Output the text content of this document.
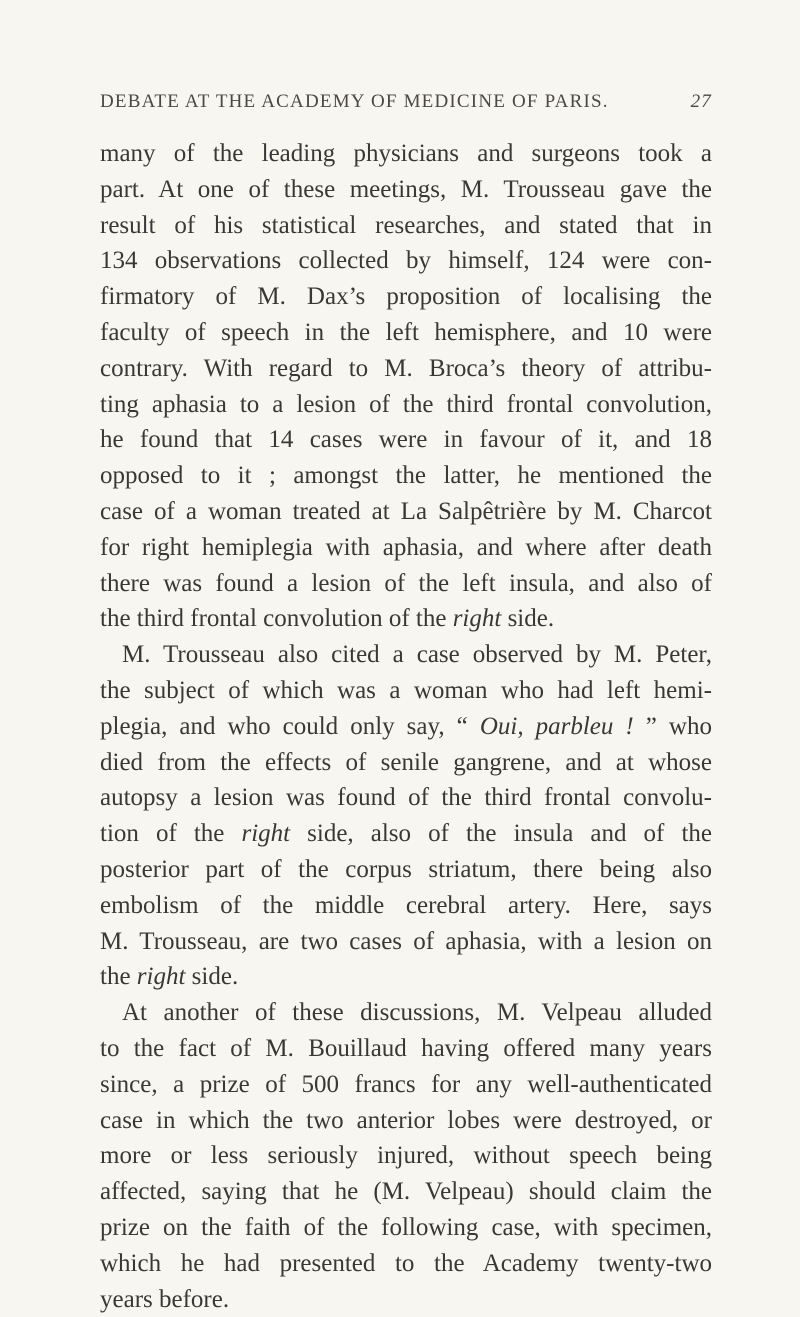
DEBATE AT THE ACADEMY OF MEDICINE OF PARIS.	27
many of the leading physicians and surgeons took a
part. At one of these meetings, M. Trousseau gave the
result of his statistical researches, and stated that in
134 observations collected by himself, 124 were con-
firmatory of M. Dax’s proposition of localising the
faculty of speech in the left hemisphere, and 10 were
contrary. With regard to M. Broca’s theory of attribu-
ting aphasia to a lesion of the third frontal convolution,
he found that 14 cases were in favour of it, and 18
opposed to it ; amongst the latter, he mentioned the
case of a woman treated at La Salpêtrière by M. Charcot
for right hemiplegia with aphasia, and where after death
there was found a lesion of the left insula, and also of
the third frontal convolution of the right side.
M. Trousseau also cited a case observed by M. Peter,
the subject of which was a woman who had left hemi-
plegia, and who could only say, “ Oui, parbleu ! ” who
died from the effects of senile gangrene, and at whose
autopsy a lesion was found of the third frontal convolu-
tion of the right side, also of the insula and of the
posterior part of the corpus striatum, there being also
embolism of the middle cerebral artery. Here, says
M. Trousseau, are two cases of aphasia, with a lesion on
the right side.
At another of these discussions, M. Velpeau alluded
to the fact of M. Bouillaud having offered many years
since, a prize of 500 francs for any well-authenticated
case in which the two anterior lobes were destroyed, or
more or less seriously injured, without speech being
affected, saying that he (M. Velpeau) should claim the
prize on the faith of the following case, with specimen,
which he had presented to the Academy twenty-two
years before.
